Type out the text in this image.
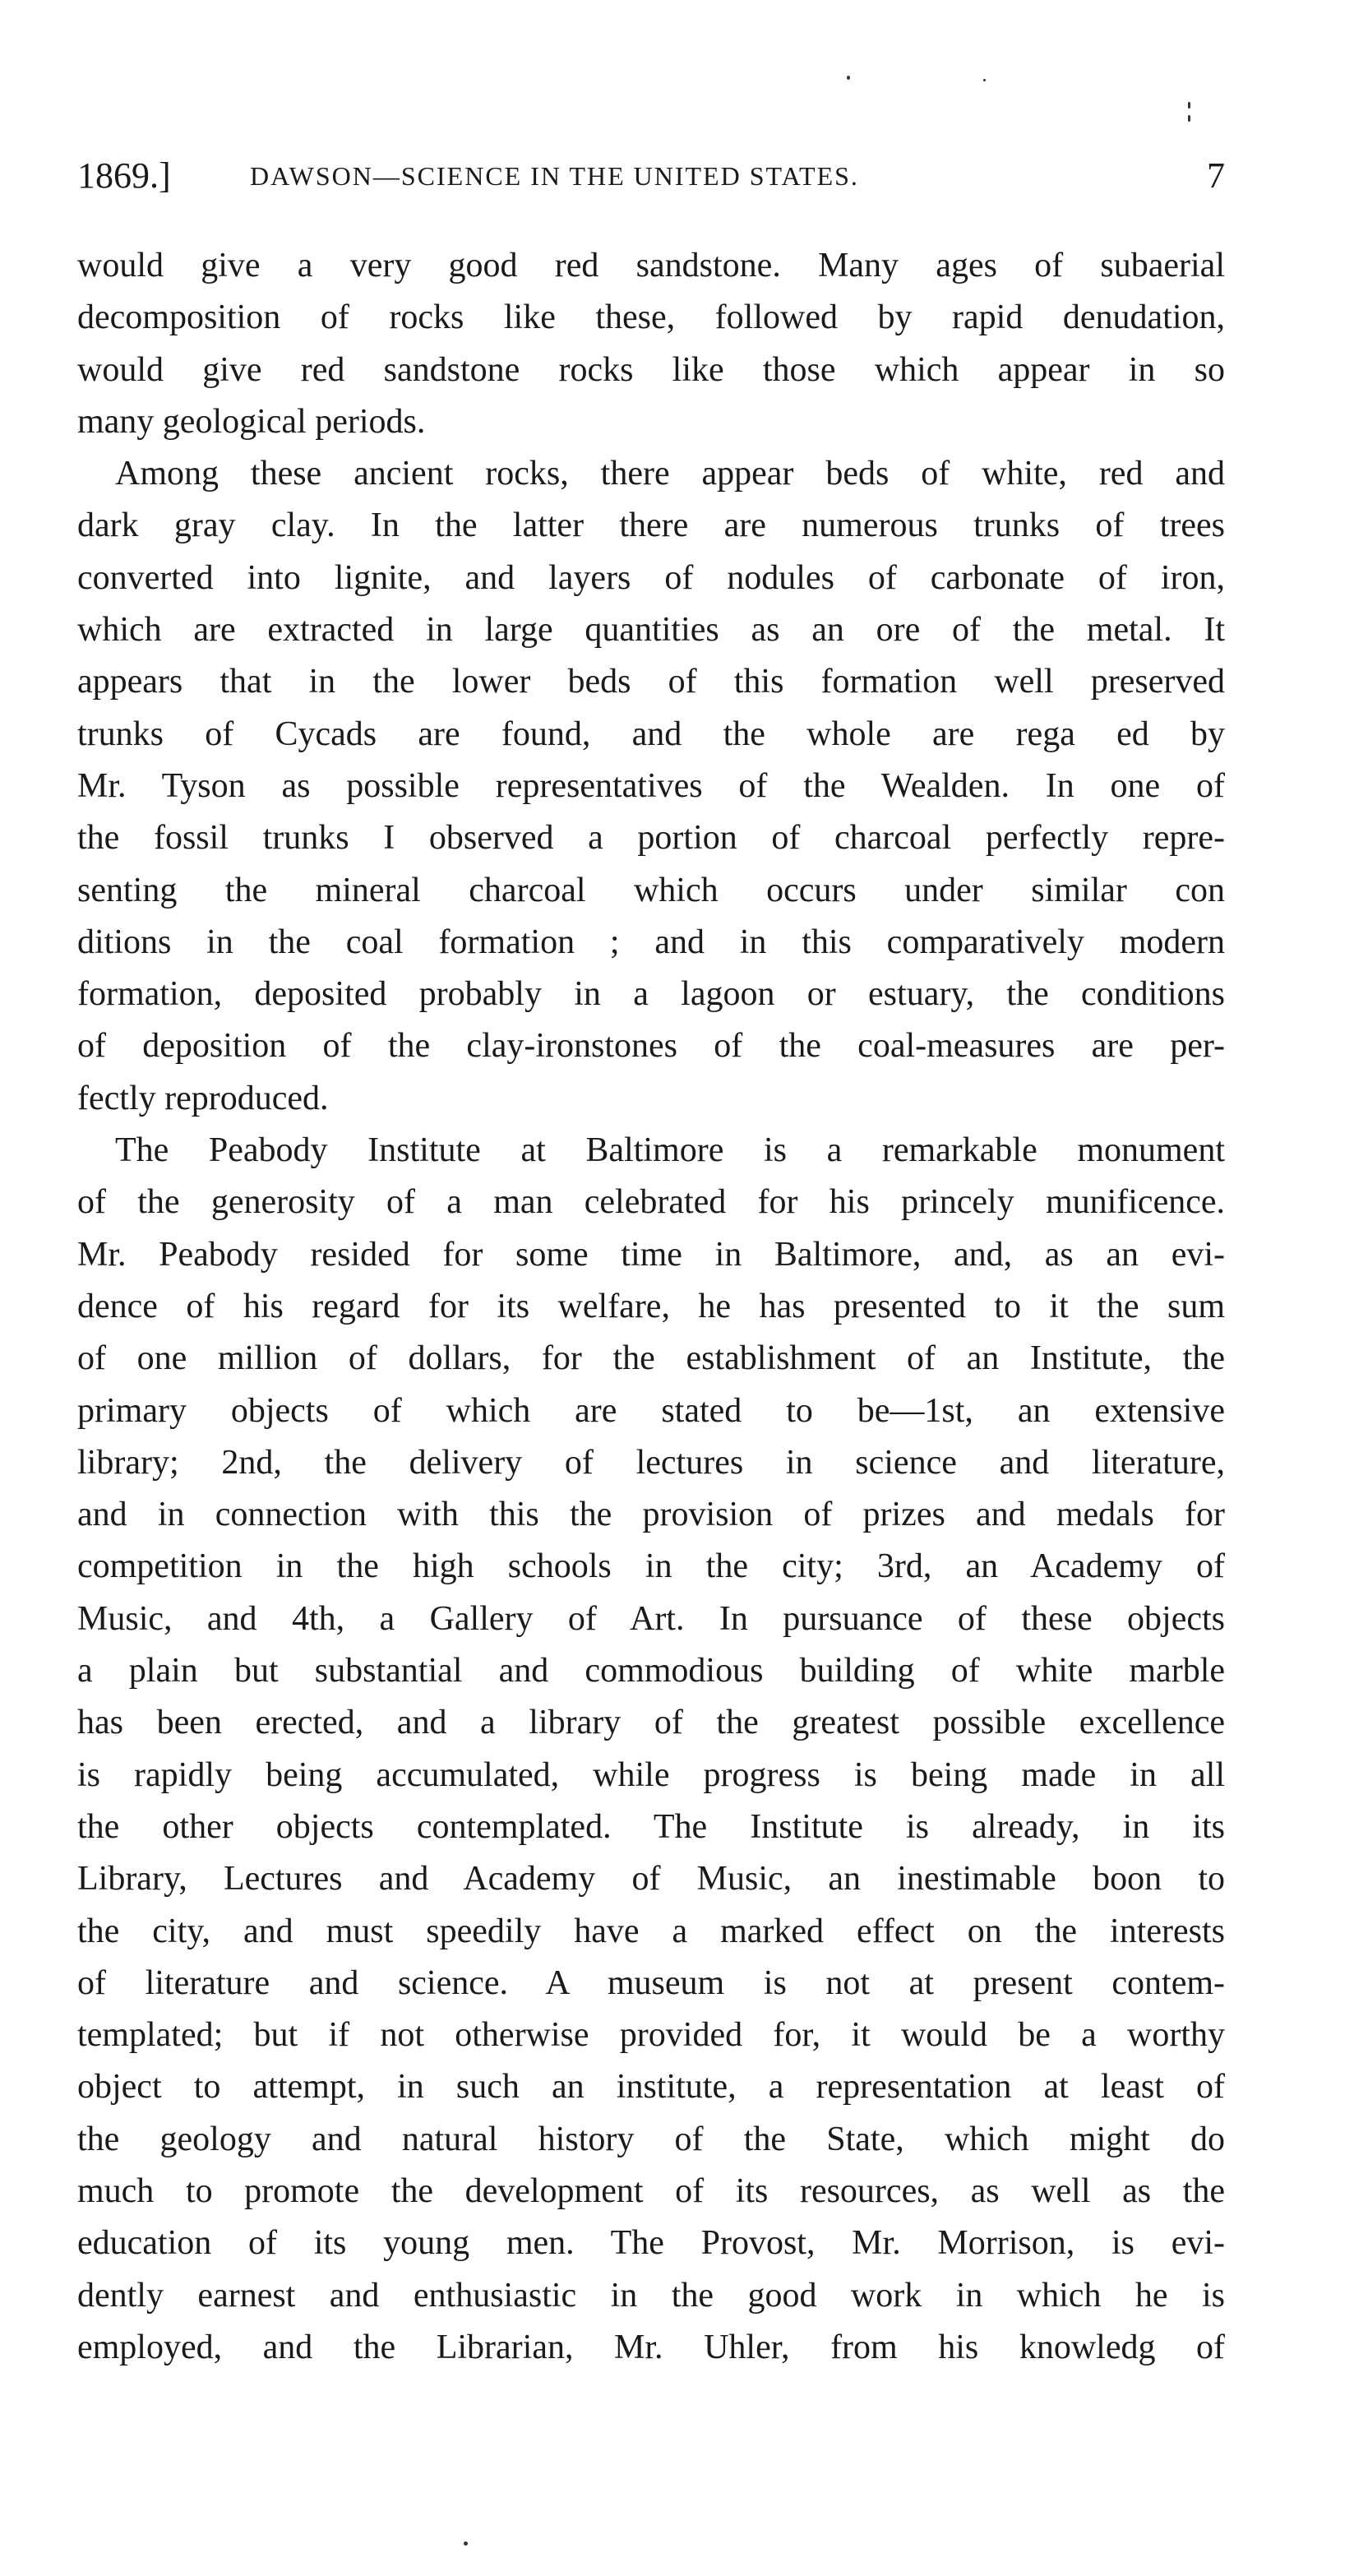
1869.]	DAWSON—SCIENCE IN THE UNITED STATES.	7
would give a very good red sandstone. Many ages of subaerial
decomposition of rocks like these, followed by rapid denudation,
would give red sandstone rocks like those which appear in so
many geological periods.
Among these ancient rocks, there appear beds of white, red and
dark gray clay. In the latter there are numerous trunks of trees
converted into lignite, and layers of nodules of carbonate of iron,
which are extracted in large quantities as an ore of the metal. It
appears that in the lower beds of this formation well preserved
trunks of Cycads are found, and the whole are rega ed by
Mr. Tyson as possible representatives of the Wealden. In one of
the fossil trunks I observed a portion of charcoal perfectly repre-
senting the mineral charcoal which occurs under similar con
ditions in the coal formation ; and in this comparatively modern
formation, deposited probably in a lagoon or estuary, the conditions
of deposition of the clay-ironstones of the coal-measures are per-
fectly reproduced.
The Peabody Institute at Baltimore is a remarkable monument
of the generosity of a man celebrated for his princely munificence.
Mr. Peabody resided for some time in Baltimore, and, as an evi-
dence of his regard for its welfare, he has presented to it the sum
of one million of dollars, for the establishment of an Institute, the
primary objects of which are stated to be—1st, an extensive
library; 2nd, the delivery of lectures in science and literature,
and in connection with this the provision of prizes and medals for
competition in the high schools in the city; 3rd, an Academy of
Music, and 4th, a Gallery of Art. In pursuance of these objects
a plain but substantial and commodious building of white marble
has been erected, and a library of the greatest possible excellence
is rapidly being accumulated, while progress is being made in all
the other objects contemplated. The Institute is already, in its
Library, Lectures and Academy of Music, an inestimable boon to
the city, and must speedily have a marked effect on the interests
of literature and science. A museum is not at present contem-
templated; but if not otherwise provided for, it would be a worthy
object to attempt, in such an institute, a representation at least of
the geology and natural history of the State, which might do
much to promote the development of its resources, as well as the
education of its young men. The Provost, Mr. Morrison, is evi-
dently earnest and enthusiastic in the good work in which he is
employed, and the Librarian, Mr. Uhler, from his knowledg of
